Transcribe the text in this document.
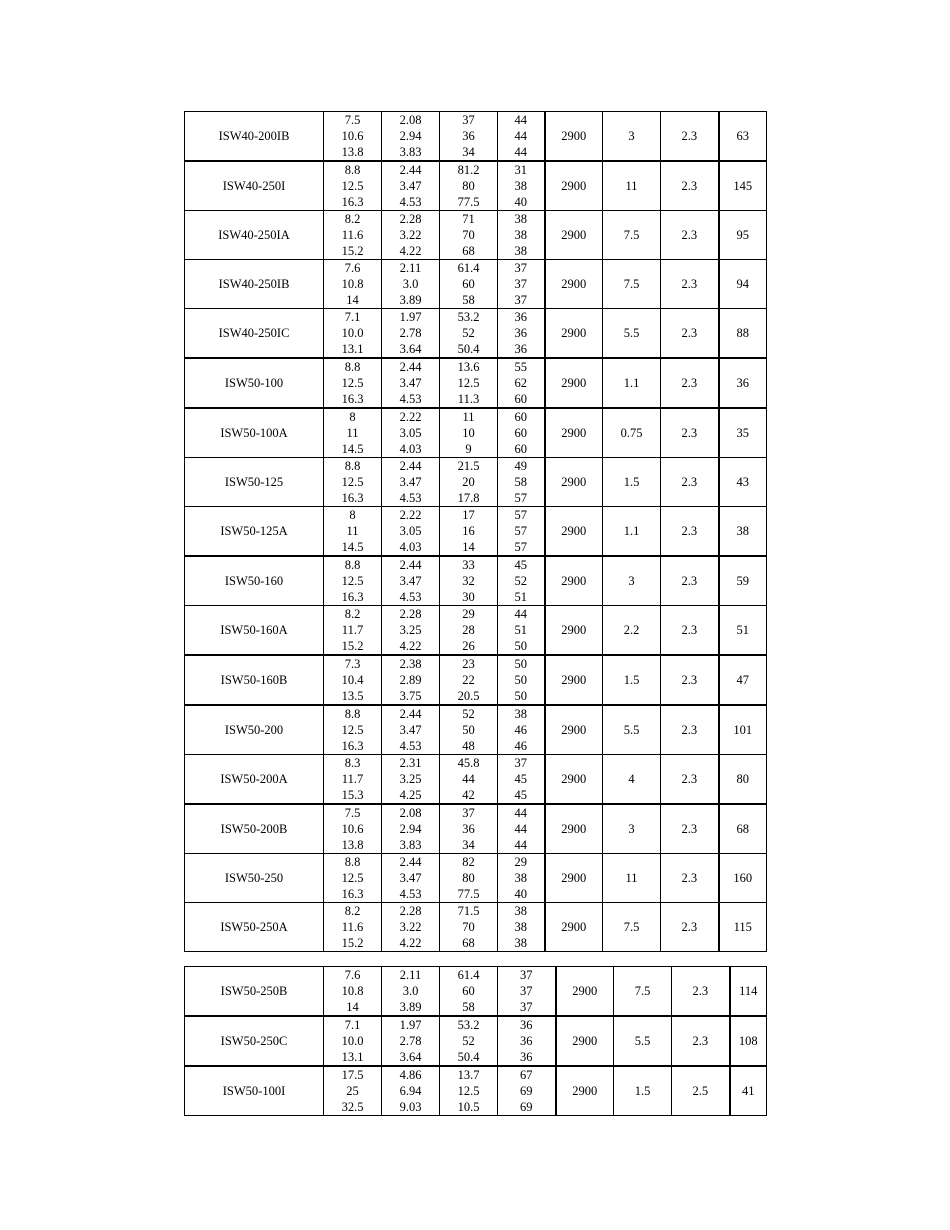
ISW40-200IB	7.5
10.6
13.8	2.08
2.94
3.83	37
36
34	44
44
44	2900	3	2.3	63
ISW40-250I	8.8
12.5
16.3	2.44
3.47
4.53	81.2
80
77.5	31
38
40	2900	11	2.3	145
ISW40-250IA	8.2
11.6
15.2	2.28
3.22
4.22	71
70
68	38
38
38	2900	7.5	2.3	95
ISW40-250IB	7.6
10.8
14	2.11
3.0
3.89	61.4
60
58	37
37
37	2900	7.5	2.3	94
ISW40-250IC	7.1
10.0
13.1	1.97
2.78
3.64	53.2
52
50.4	36
36
36	2900	5.5	2.3	88
ISW50-100	8.8
12.5
16.3	2.44
3.47
4.53	13.6
12.5
11.3	55
62
60	2900	1.1	2.3	36
ISW50-100A	8
11
14.5	2.22
3.05
4.03	11
10
9	60
60
60	2900	0.75	2.3	35
ISW50-125	8.8
12.5
16.3	2.44
3.47
4.53	21.5
20
17.8	49
58
57	2900	1.5	2.3	43
ISW50-125A	8
11
14.5	2.22
3.05
4.03	17
16
14	57
57
57	2900	1.1	2.3	38
ISW50-160	8.8
12.5
16.3	2.44
3.47
4.53	33
32
30	45
52
51	2900	3	2.3	59
ISW50-160A	8.2
11.7
15.2	2.28
3.25
4.22	29
28
26	44
51
50	2900	2.2	2.3	51
ISW50-160B	7.3
10.4
13.5	2.38
2.89
3.75	23
22
20.5	50
50
50	2900	1.5	2.3	47
ISW50-200	8.8
12.5
16.3	2.44
3.47
4.53	52
50
48	38
46
46	2900	5.5	2.3	101
ISW50-200A	8.3
11.7
15.3	2.31
3.25
4.25	45.8
44
42	37
45
45	2900	4	2.3	80
ISW50-200B	7.5
10.6
13.8	2.08
2.94
3.83	37
36
34	44
44
44	2900	3	2.3	68
ISW50-250	8.8
12.5
16.3	2.44
3.47
4.53	82
80
77.5	29
38
40	2900	11	2.3	160
ISW50-250A	8.2
11.6
15.2	2.28
3.22
4.22	71.5
70
68	38
38
38	2900	7.5	2.3	115
ISW50-250B	7.6
10.8
14	2.11
3.0
3.89	61.4
60
58	37
37
37	2900	7.5	2.3	114
ISW50-250C	7.1
10.0
13.1	1.97
2.78
3.64	53.2
52
50.4	36
36
36	2900	5.5	2.3	108
ISW50-100I	17.5
25
32.5	4.86
6.94
9.03	13.7
12.5
10.5	67
69
69	2900	1.5	2.5	41
